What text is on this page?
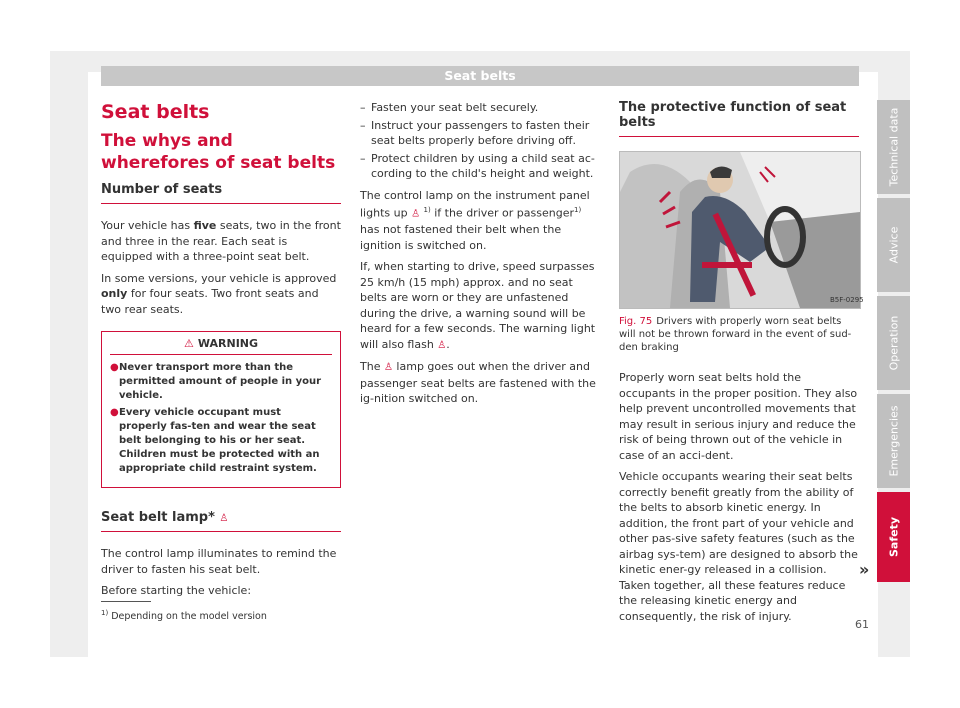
Seat belts
Seat belts
The whys and wherefores of seat belts
Number of seats

Your vehicle has five seats, two in the front and three in the rear. Each seat is equipped with a three-point seat belt.

In some versions, your vehicle is approved only for four seats. Two front seats and two rear seats.

⚠ WARNING
● Never transport more than the permitted amount of people in your vehicle.
● Every vehicle occupant must properly fas-ten and wear the seat belt belonging to his or her seat. Children must be protected with an appropriate child restraint system.
Seat belt lamp* ♙

The control lamp illuminates to remind the driver to fasten his seat belt.

Before starting the vehicle:

– Fasten your seat belt securely.
– Instruct your passengers to fasten their seat belts properly before driving off.
– Protect children by using a child seat ac-cording to the child's height and weight.

The control lamp on the instrument panel lights up ♙ $^{1)}$ if the driver or passenger$^{1)}$ has not fastened their belt when the ignition is switched on.

If, when starting to drive, speed surpasses 25 km/h (15 mph) approx. and no seat belts are worn or they are unfastened during the drive, a warning sound will be heard for a few seconds. The warning light will also flash ♙.

The ♙ lamp goes out when the driver and passenger seat belts are fastened with the ig-nition switched on.

The protective function of seat belts
B5F-0295

Fig. 75 Drivers with properly worn seat belts will not be thrown forward in the event of sud-den braking

Properly worn seat belts hold the occupants in the proper position. They also help prevent uncontrolled movements that may result in serious injury and reduce the risk of being thrown out of the vehicle in case of an acci-dent.

Vehicle occupants wearing their seat belts correctly benefit greatly from the ability of the belts to absorb kinetic energy. In addition, the front part of your vehicle and other pas-sive safety features (such as the airbag sys-tem) are designed to absorb the kinetic ener-gy released in a collision. Taken together, all these features reduce the releasing kinetic energy and consequently, the risk of injury.

»
Technical data
Advice
Operation
Emergencies
Safety
$^{1)}$ Depending on the model version
61
